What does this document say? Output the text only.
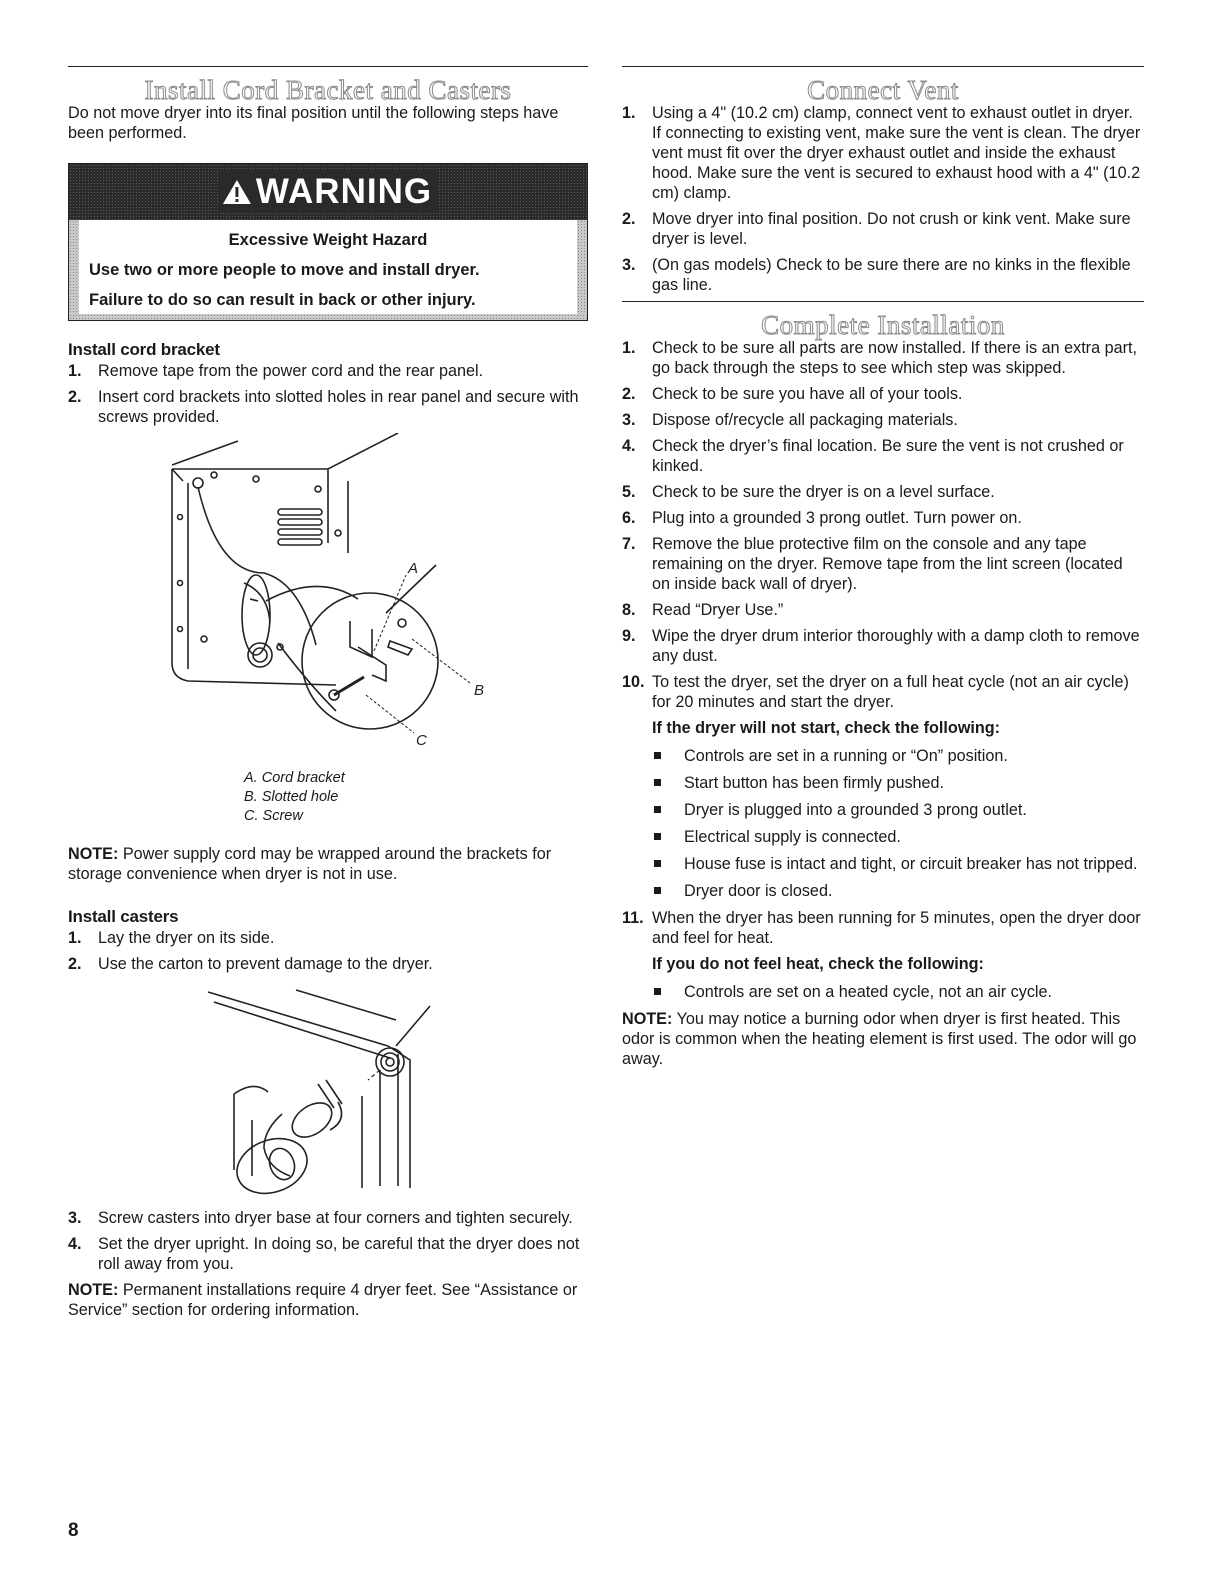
Install Cord Bracket and Casters

Do not move dryer into its final position until the following steps have been performed.

WARNING
Excessive Weight Hazard
Use two or more people to move and install dryer.
Failure to do so can result in back or other injury.
Install cord bracket
1. Remove tape from the power cord and the rear panel.
2. Insert cord brackets into slotted holes in rear panel and secure with screws provided.
A
B
C
A. Cord bracket
B. Slotted hole
C. Screw

NOTE: Power supply cord may be wrapped around the brackets for storage convenience when dryer is not in use.

Install casters
1. Lay the dryer on its side.
2. Use the carton to prevent damage to the dryer.
3. Screw casters into dryer base at four corners and tighten securely.
4. Set the dryer upright. In doing so, be careful that the dryer does not roll away from you.

NOTE: Permanent installations require 4 dryer feet. See “Assistance or Service” section for ordering information.

Connect Vent
1. Using a 4" (10.2 cm) clamp, connect vent to exhaust outlet in dryer. If connecting to existing vent, make sure the vent is clean. The dryer vent must fit over the dryer exhaust outlet and inside the exhaust hood. Make sure the vent is secured to exhaust hood with a 4" (10.2 cm) clamp.
2. Move dryer into final position. Do not crush or kink vent. Make sure dryer is level.
3. (On gas models) Check to be sure there are no kinks in the flexible gas line.
Complete Installation
1. Check to be sure all parts are now installed. If there is an extra part, go back through the steps to see which step was skipped.
2. Check to be sure you have all of your tools.
3. Dispose of/recycle all packaging materials.
4. Check the dryer’s final location. Be sure the vent is not crushed or kinked.
5. Check to be sure the dryer is on a level surface.
6. Plug into a grounded 3 prong outlet. Turn power on.
7. Remove the blue protective film on the console and any tape remaining on the dryer. Remove tape from the lint screen (located on inside back wall of dryer).
8. Read “Dryer Use.”
9. Wipe the dryer drum interior thoroughly with a damp cloth to remove any dust.
10. To test the dryer, set the dryer on a full heat cycle (not an air cycle) for 20 minutes and start the dryer.
If the dryer will not start, check the following:
Controls are set in a running or “On” position.
Start button has been firmly pushed.
Dryer is plugged into a grounded 3 prong outlet.
Electrical supply is connected.
House fuse is intact and tight, or circuit breaker has not tripped.
Dryer door is closed.
11. When the dryer has been running for 5 minutes, open the dryer door and feel for heat.
If you do not feel heat, check the following:
Controls are set on a heated cycle, not an air cycle.

NOTE: You may notice a burning odor when dryer is first heated. This odor is common when the heating element is first used. The odor will go away.

8
